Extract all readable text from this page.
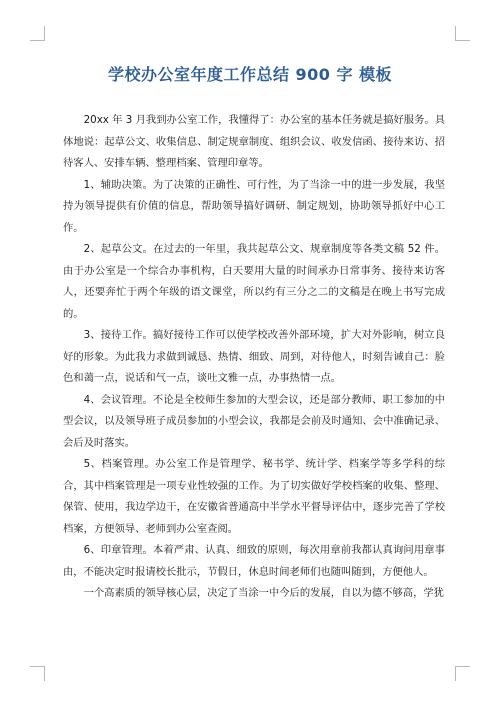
学校办公室年度工作总结 900 字 模板

20xx 年 3 月我到办公室工作，我懂得了：办公室的基本任务就是搞好服务。具体地说：起草公文、收集信息、制定规章制度、组织会议、收发信函、接待来访、招待客人、安排车辆、整理档案、管理印章等。

1、辅助决策。为了决策的正确性、可行性，为了当涂一中的进一步发展，我坚持为领导提供有价值的信息，帮助领导搞好调研、制定规划，协助领导抓好中心工作。

2、起草公文。在过去的一年里，我共起草公文、规章制度等各类文稿 52 件。由于办公室是一个综合办事机构，白天要用大量的时间承办日常事务、接待来访客人，还要奔忙于两个年级的语文课堂，所以约有三分之二的文稿是在晚上书写完成的。

3、接待工作。搞好接待工作可以使学校改善外部环境，扩大对外影响，树立良好的形象。为此我力求做到诚恳、热情、细致、周到，对待他人，时刻告诫自己：脸色和蔼一点，说话和气一点，谈吐文雅一点，办事热情一点。

4、会议管理。不论是全校师生参加的大型会议，还是部分教师、职工参加的中型会议，以及领导班子成员参加的小型会议，我都是会前及时通知、会中准确记录、会后及时落实。

5、档案管理。办公室工作是管理学、秘书学、统计学、档案学等多学科的综合，其中档案管理是一项专业性较强的工作。为了切实做好学校档案的收集、整理、保管、使用，我边学边干，在安徽省普通高中半学水平督导评估中，逐步完善了学校档案，方便领导、老师到办公室查阅。

6、印章管理。本着严肃、认真、细致的原则，每次用章前我都认真询问用章事由，不能决定时报请校长批示，节假日，休息时间老师们也随叫随到，方便他人。

一个高素质的领导核心层，决定了当涂一中今后的发展，自以为德不够高，学犹
